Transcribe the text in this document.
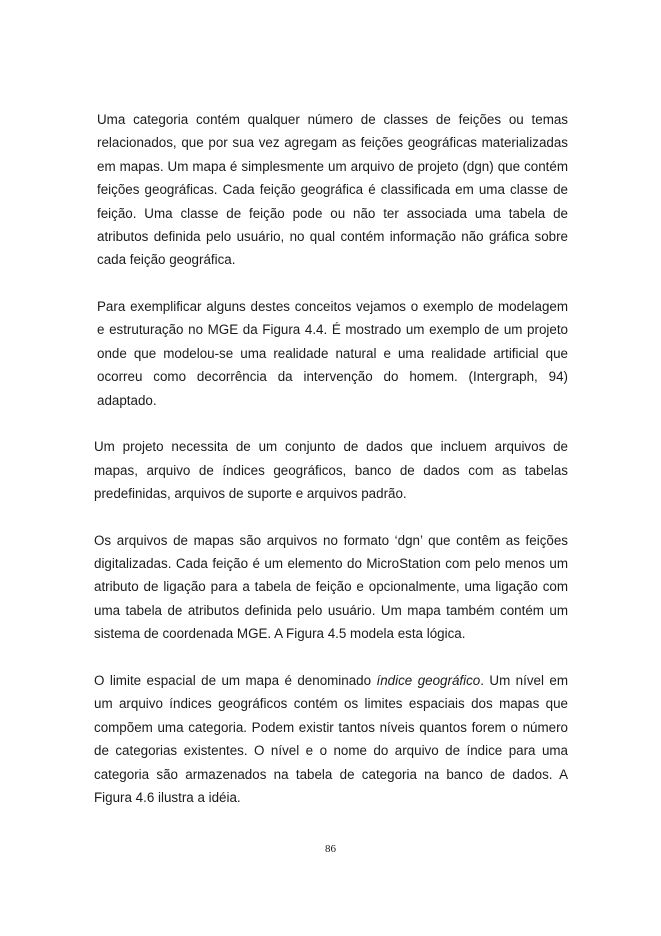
Uma categoria contém qualquer número de classes de feições ou temas relacionados, que por sua vez agregam as feições geográficas materializadas em mapas. Um mapa é simplesmente um arquivo de projeto (dgn) que contém feições geográficas. Cada feição geográfica é classificada em uma classe de feição. Uma classe de feição pode ou não ter associada uma tabela de atributos definida pelo usuário, no qual contém informação não gráfica sobre cada feição geográfica.

Para exemplificar alguns destes conceitos vejamos o exemplo de modelagem e estruturação no MGE da Figura 4.4. É mostrado um exemplo de um projeto onde que modelou-se uma realidade natural e uma realidade artificial que ocorreu como decorrência da intervenção do homem. (Intergraph, 94) adaptado.

Um projeto necessita de um conjunto de dados que incluem arquivos de mapas, arquivo de índices geográficos, banco de dados com as tabelas predefinidas, arquivos de suporte e arquivos padrão.

Os arquivos de mapas são arquivos no formato ‘dgn’ que contêm as feições digitalizadas. Cada feição é um elemento do MicroStation com pelo menos um atributo de ligação para a tabela de feição e opcionalmente, uma ligação com uma tabela de atributos definida pelo usuário. Um mapa também contém um sistema de coordenada MGE. A Figura 4.5 modela esta lógica.

O limite espacial de um mapa é denominado índice geográfico. Um nível em um arquivo índices geográficos contém os limites espaciais dos mapas que compõem uma categoria. Podem existir tantos níveis quantos forem o número de categorias existentes. O nível e o nome do arquivo de índice para uma categoria são armazenados na tabela de categoria na banco de dados. A Figura 4.6 ilustra a idéia.

86
